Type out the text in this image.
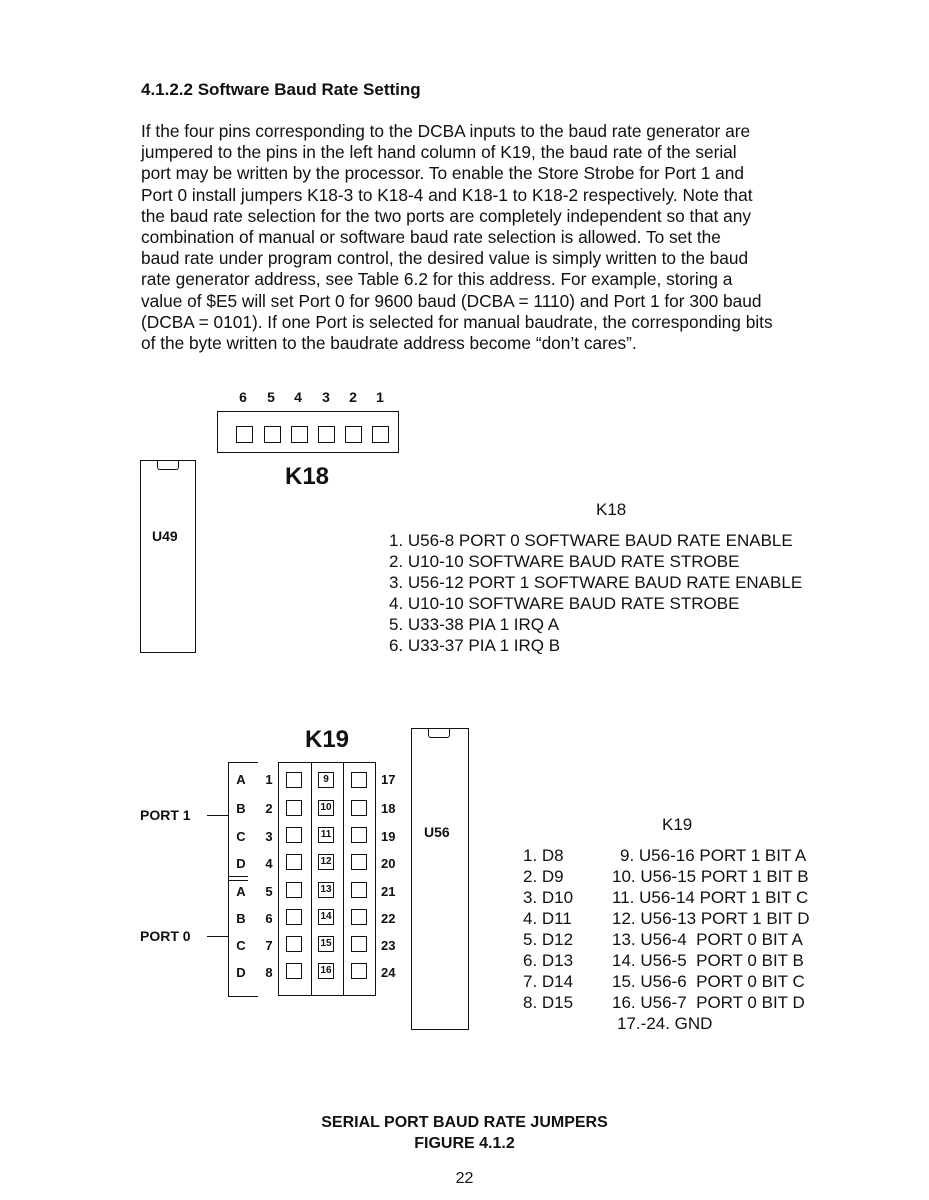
4.1.2.2 Software Baud Rate Setting

If the four pins corresponding to the DCBA inputs to the baud rate generator are

jumpered to the pins in the left hand column of K19, the baud rate of the serial

port may be written by the processor. To enable the Store Strobe for Port 1 and

Port 0 install jumpers K18-3 to K18-4 and K18-1 to K18-2 respectively. Note that

the baud rate selection for the two ports are completely independent so that any

combination of manual or software baud rate selection is allowed. To set the

baud rate under program control, the desired value is simply written to the baud

rate generator address, see Table 6.2 for this address. For example, storing a

value of $E5 will set Port 0 for 9600 baud (DCBA = 1110) and Port 1 for 300 baud

(DCBA = 0101). If one Port is selected for manual baudrate, the corresponding bits

of the byte written to the baudrate address become “don’t cares”.

6 5 4 3 2 1
K18
U49
K18
1. U56-8 PORT 0 SOFTWARE BAUD RATE ENABLE
2. U10-10 SOFTWARE BAUD RATE STROBE
3. U56-12 PORT 1 SOFTWARE BAUD RATE ENABLE
4. U10-10 SOFTWARE BAUD RATE STROBE
5. U33-38 PIA 1 IRQ A
6. U33-37 PIA 1 IRQ B
K19
A
B
C
D
A
B
C
D
1
2
3
4
5
6
7
8
9
10
11
12
13
14
15
16
17
18
19
20
21
22
23
24
PORT 1
PORT 0
U56	K19
1. D8
2. D9
3. D10
4. D11
5. D12
6. D13
7. D14
8. D15
9. U56-16 PORT 1 BIT A
10. U56-15 PORT 1 BIT B
11. U56-14 PORT 1 BIT C
12. U56-13 PORT 1 BIT D
13. U56-4  PORT 0 BIT A
14. U56-5  PORT 0 BIT B
15. U56-6  PORT 0 BIT C
16. U56-7  PORT 0 BIT D
17.-24. GND
SERIAL PORT BAUD RATE JUMPERS
FIGURE 4.1.2
22
